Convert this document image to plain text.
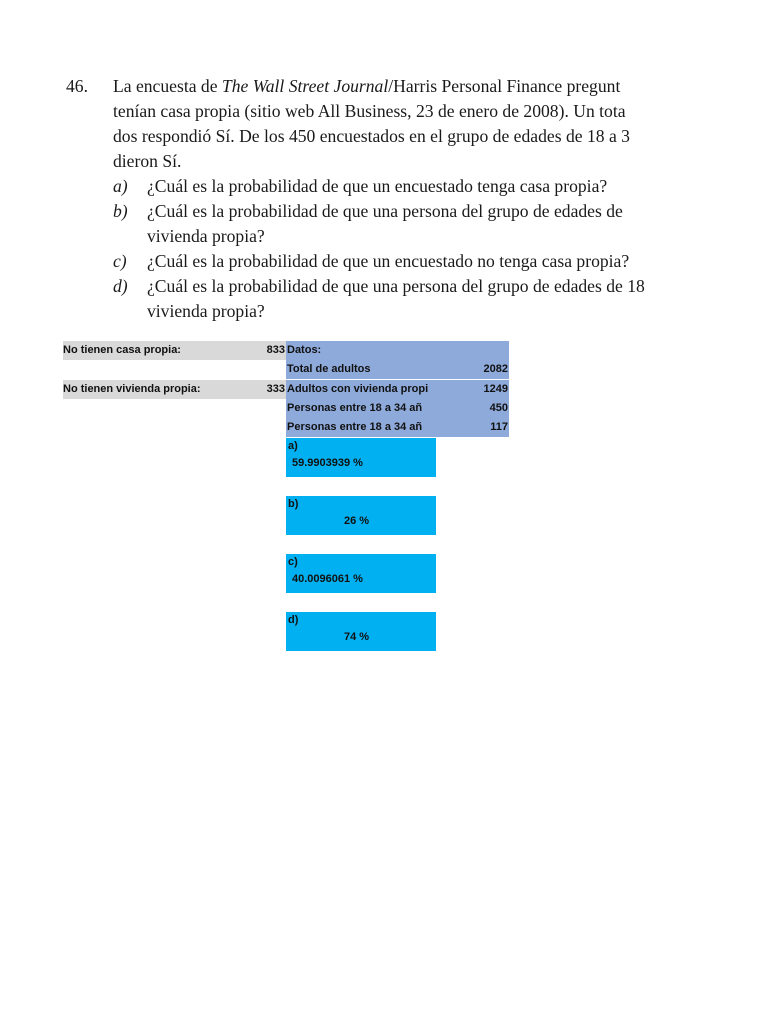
46. La encuesta de The Wall Street Journal/Harris Personal Finance pregunt
tenían casa propia (sitio web All Business, 23 de enero de 2008). Un tota
dos respondió Sí. De los 450 encuestados en el grupo de edades de 18 a 3
dieron Sí.
a) ¿Cuál es la probabilidad de que un encuestado tenga casa propia?
b) ¿Cuál es la probabilidad de que una persona del grupo de edades de
vivienda propia?
c) ¿Cuál es la probabilidad de que un encuestado no tenga casa propia?
d) ¿Cuál es la probabilidad de que una persona del grupo de edades de 18
vivienda propia?
No tienen casa propia:	833
No tienen vivienda propia:	333
Datos:
Total de adultos	2082
Adultos con vivienda propi	1249
Personas entre 18 a 34 añ	450
Personas entre 18 a 34 añ	117
a)
59.9903939 %
b)
26 %
c)
40.0096061 %
d)
74 %
